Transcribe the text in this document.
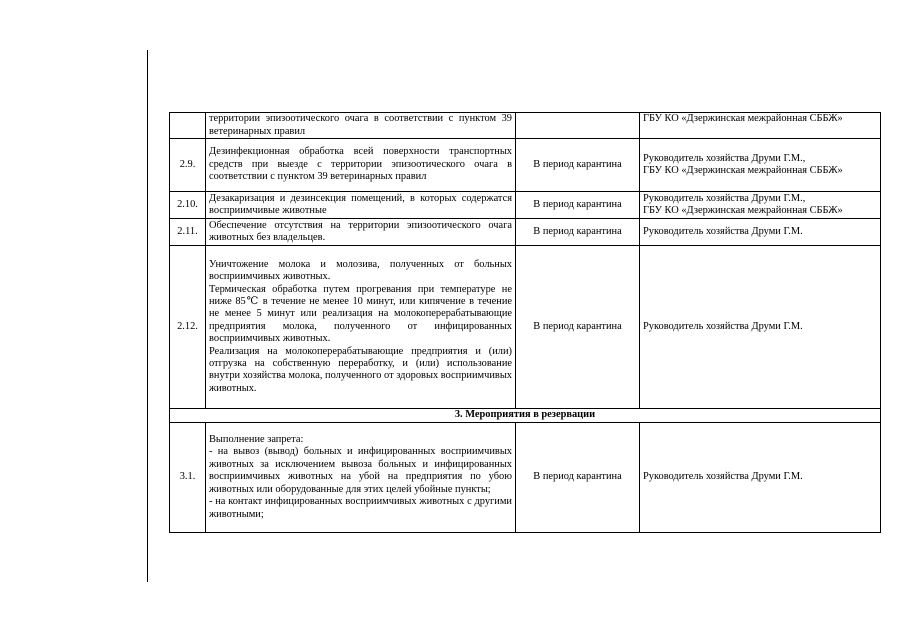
	территории эпизоотического очага в соответствии с пунктом 39 ветеринарных правил		ГБУ КО «Дзержинская межрайонная СББЖ»

2.9.	Дезинфекционная обработка всей поверхности транспортных средств при выезде с территории эпизоотического очага в соответствии с пунктом 39 ветеринарных правил	В период карантина	Руководитель хозяйства Друми Г.М.,
ГБУ КО «Дзержинская межрайонная СББЖ»

2.10.	Дезакаризация и дезинсекция помещений, в которых содержатся восприимчивые животные	В период карантина	Руководитель хозяйства Друми Г.М.,
ГБУ КО «Дзержинская межрайонная СББЖ»

2.11.	Обеспечение отсутствия на территории эпизоотического очага животных без владельцев.	В период карантина	Руководитель хозяйства Друми Г.М.

2.12.	Уничтожение молока и молозива, полученных от больных восприимчивых животных.
Термическая обработка путем прогревания при температуре не ниже 85℃ в течение не менее 10 минут, или кипячение в течение не менее 5 минут или реализация на молокоперерабатывающие предприятия молока, полученного от инфицированных восприимчивых животных.
Реализация на молокоперерабатывающие предприятия и (или) отгрузка на собственную переработку, и (или) использование внутри хозяйства молока, полученного от здоровых восприимчивых животных.	В период карантина	Руководитель хозяйства Друми Г.М.

3. Мероприятия в резервации			
3.1.	Выполнение запрета:
- на вывоз (вывод) больных и инфицированных восприимчивых животных за исключением вывоза больных и инфицированных восприимчивых животных на убой на предприятия по убою животных или оборудованные для этих целей убойные пункты;
- на контакт инфицированных восприимчивых животных с другими животными;	В период карантина	Руководитель хозяйства Друми Г.М.
